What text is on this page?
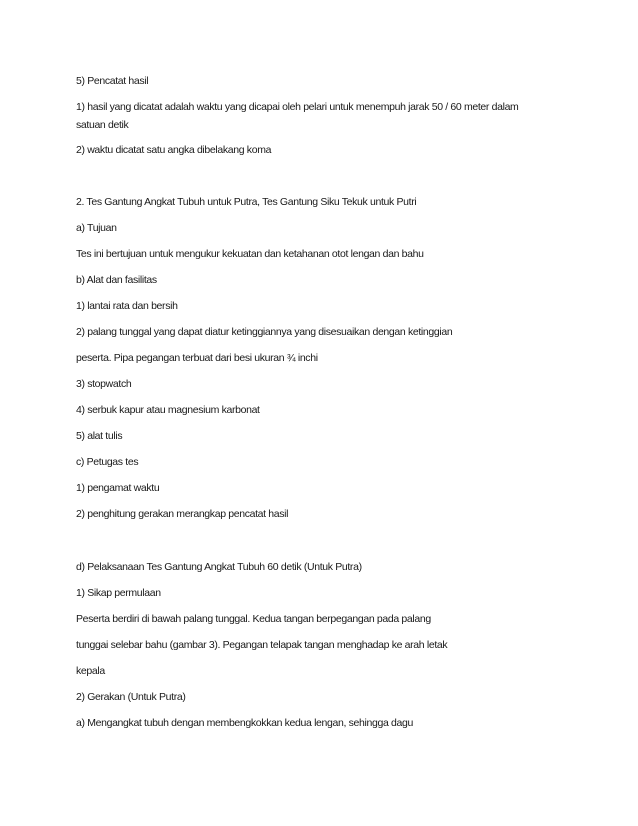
5) Pencatat hasil

1) hasil yang dicatat adalah waktu yang dicapai oleh pelari untuk menempuh jarak 50 / 60 meter dalam

satuan detik

2) waktu dicatat satu angka dibelakang koma

2. Tes Gantung Angkat Tubuh untuk Putra, Tes Gantung Siku Tekuk untuk Putri

a) Tujuan

Tes ini bertujuan untuk mengukur kekuatan dan ketahanan otot lengan dan bahu

b) Alat dan fasilitas

1) lantai rata dan bersih

2) palang tunggal yang dapat diatur ketinggiannya yang disesuaikan dengan ketinggian

peserta. Pipa pegangan terbuat dari besi ukuran ¾ inchi

3) stopwatch

4) serbuk kapur atau magnesium karbonat

5) alat tulis

c) Petugas tes

1) pengamat waktu

2) penghitung gerakan merangkap pencatat hasil

d) Pelaksanaan Tes Gantung Angkat Tubuh 60 detik (Untuk Putra)

1) Sikap permulaan

Peserta berdiri di bawah palang tunggal. Kedua tangan berpegangan pada palang

tunggai selebar bahu (gambar 3). Pegangan telapak tangan menghadap ke arah letak

kepala

2) Gerakan (Untuk Putra)

a) Mengangkat tubuh dengan membengkokkan kedua lengan, sehingga dagu
